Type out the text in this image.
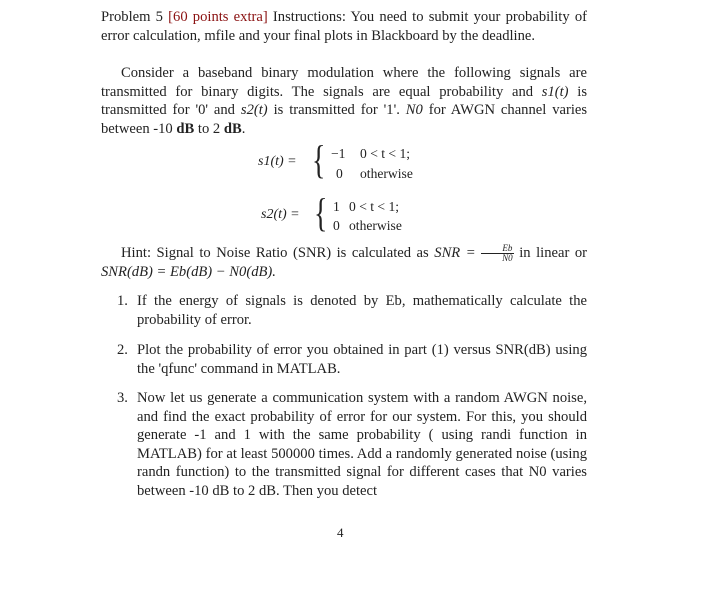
Problem 5 [60 points extra] Instructions: You need to submit your probability of error calculation, mfile and your final plots in Blackboard by the deadline.

Consider a baseband binary modulation where the following signals are transmitted for binary digits. The signals are equal probability and s1(t) is transmitted for '0' and s2(t) is transmitted for '1'. N0 for AWGN channel varies between -10 dB to 2 dB.

s1(t) = { −1 0 < t < 1;
0 otherwise
s2(t) = { 1 0 < t < 1;
0 otherwise

Hint: Signal to Noise Ratio (SNR) is calculated as SNR = $\frac{Eb}{N0}$ in linear or SNR(dB) = Eb(dB) − N0(dB).

1. If the energy of signals is denoted by Eb, mathematically calculate the probability of error.
2. Plot the probability of error you obtained in part (1) versus SNR(dB) using the 'qfunc' command in MATLAB.
3. Now let us generate a communication system with a random AWGN noise, and find the exact probability of error for our system. For this, you should generate -1 and 1 with the same probability ( using randi function in MATLAB) for at least 500000 times. Add a randomly generated noise (using randn function) to the transmitted signal for different cases that N0 varies between -10 dB to 2 dB. Then you detect
4
